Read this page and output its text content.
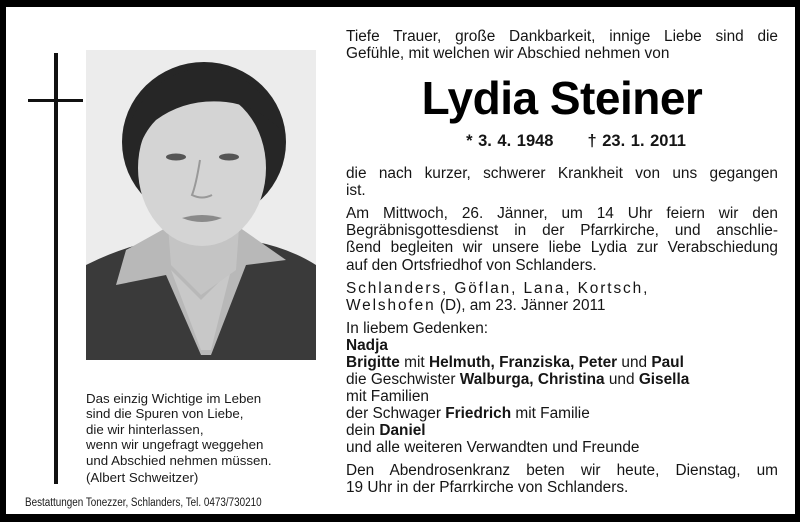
Das einzig Wichtige im Leben
sind die Spuren von Liebe,
die wir hinterlassen,
wenn wir ungefragt weggehen
und Abschied nehmen müssen.
(Albert Schweitzer)
Bestattungen Tonezzer, Schlanders, Tel. 0473/730210
Tiefe Trauer, große Dankbarkeit, innige Liebe sind die
Gefühle, mit welchen wir Abschied nehmen von
Lydia Steiner
* 3. 4. 1948 † 23. 1. 2011
die nach kurzer, schwerer Krankheit von uns gegangen
ist.
Am Mittwoch, 26. Jänner, um 14 Uhr feiern wir den
Begräbnisgottesdienst in der Pfarrkirche, und anschlie-
ßend begleiten wir unsere liebe Lydia zur Verabschiedung
auf den Ortsfriedhof von Schlanders.
Schlanders, Göflan, Lana, Kortsch,
Welshofen (D), am 23. Jänner 2011
In liebem Gedenken:
Nadja
Brigitte mit Helmuth, Franziska, Peter und Paul
die Geschwister Walburga, Christina und Gisella
mit Familien
der Schwager Friedrich mit Familie
dein Daniel
und alle weiteren Verwandten und Freunde
Den Abendrosenkranz beten wir heute, Dienstag, um
19 Uhr in der Pfarrkirche von Schlanders.
